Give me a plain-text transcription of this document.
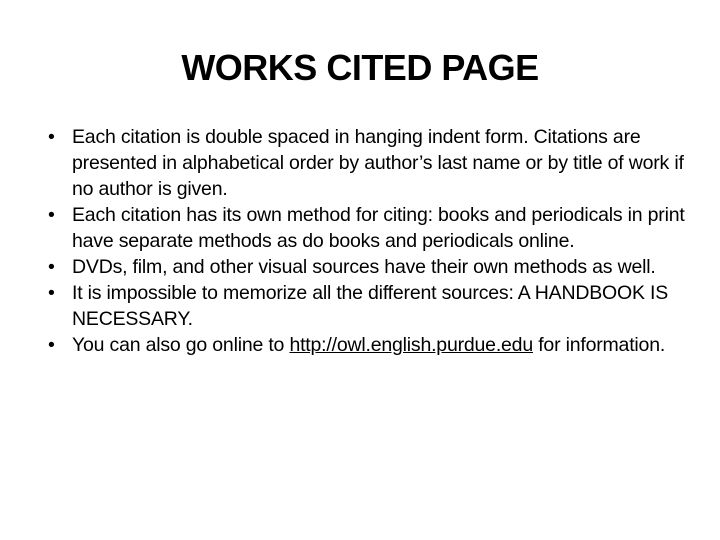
WORKS CITED PAGE
• Each citation is double spaced in hanging indent form. Citations are presented in alphabetical order by author’s last name or by title of work if no author is given.
• Each citation has its own method for citing: books and periodicals in print have separate methods as do books and periodicals online.
• DVDs, film, and other visual sources have their own methods as well.
• It is impossible to memorize all the different sources: A HANDBOOK IS NECESSARY.
• You can also go online to http://owl.english.purdue.edu for information.
